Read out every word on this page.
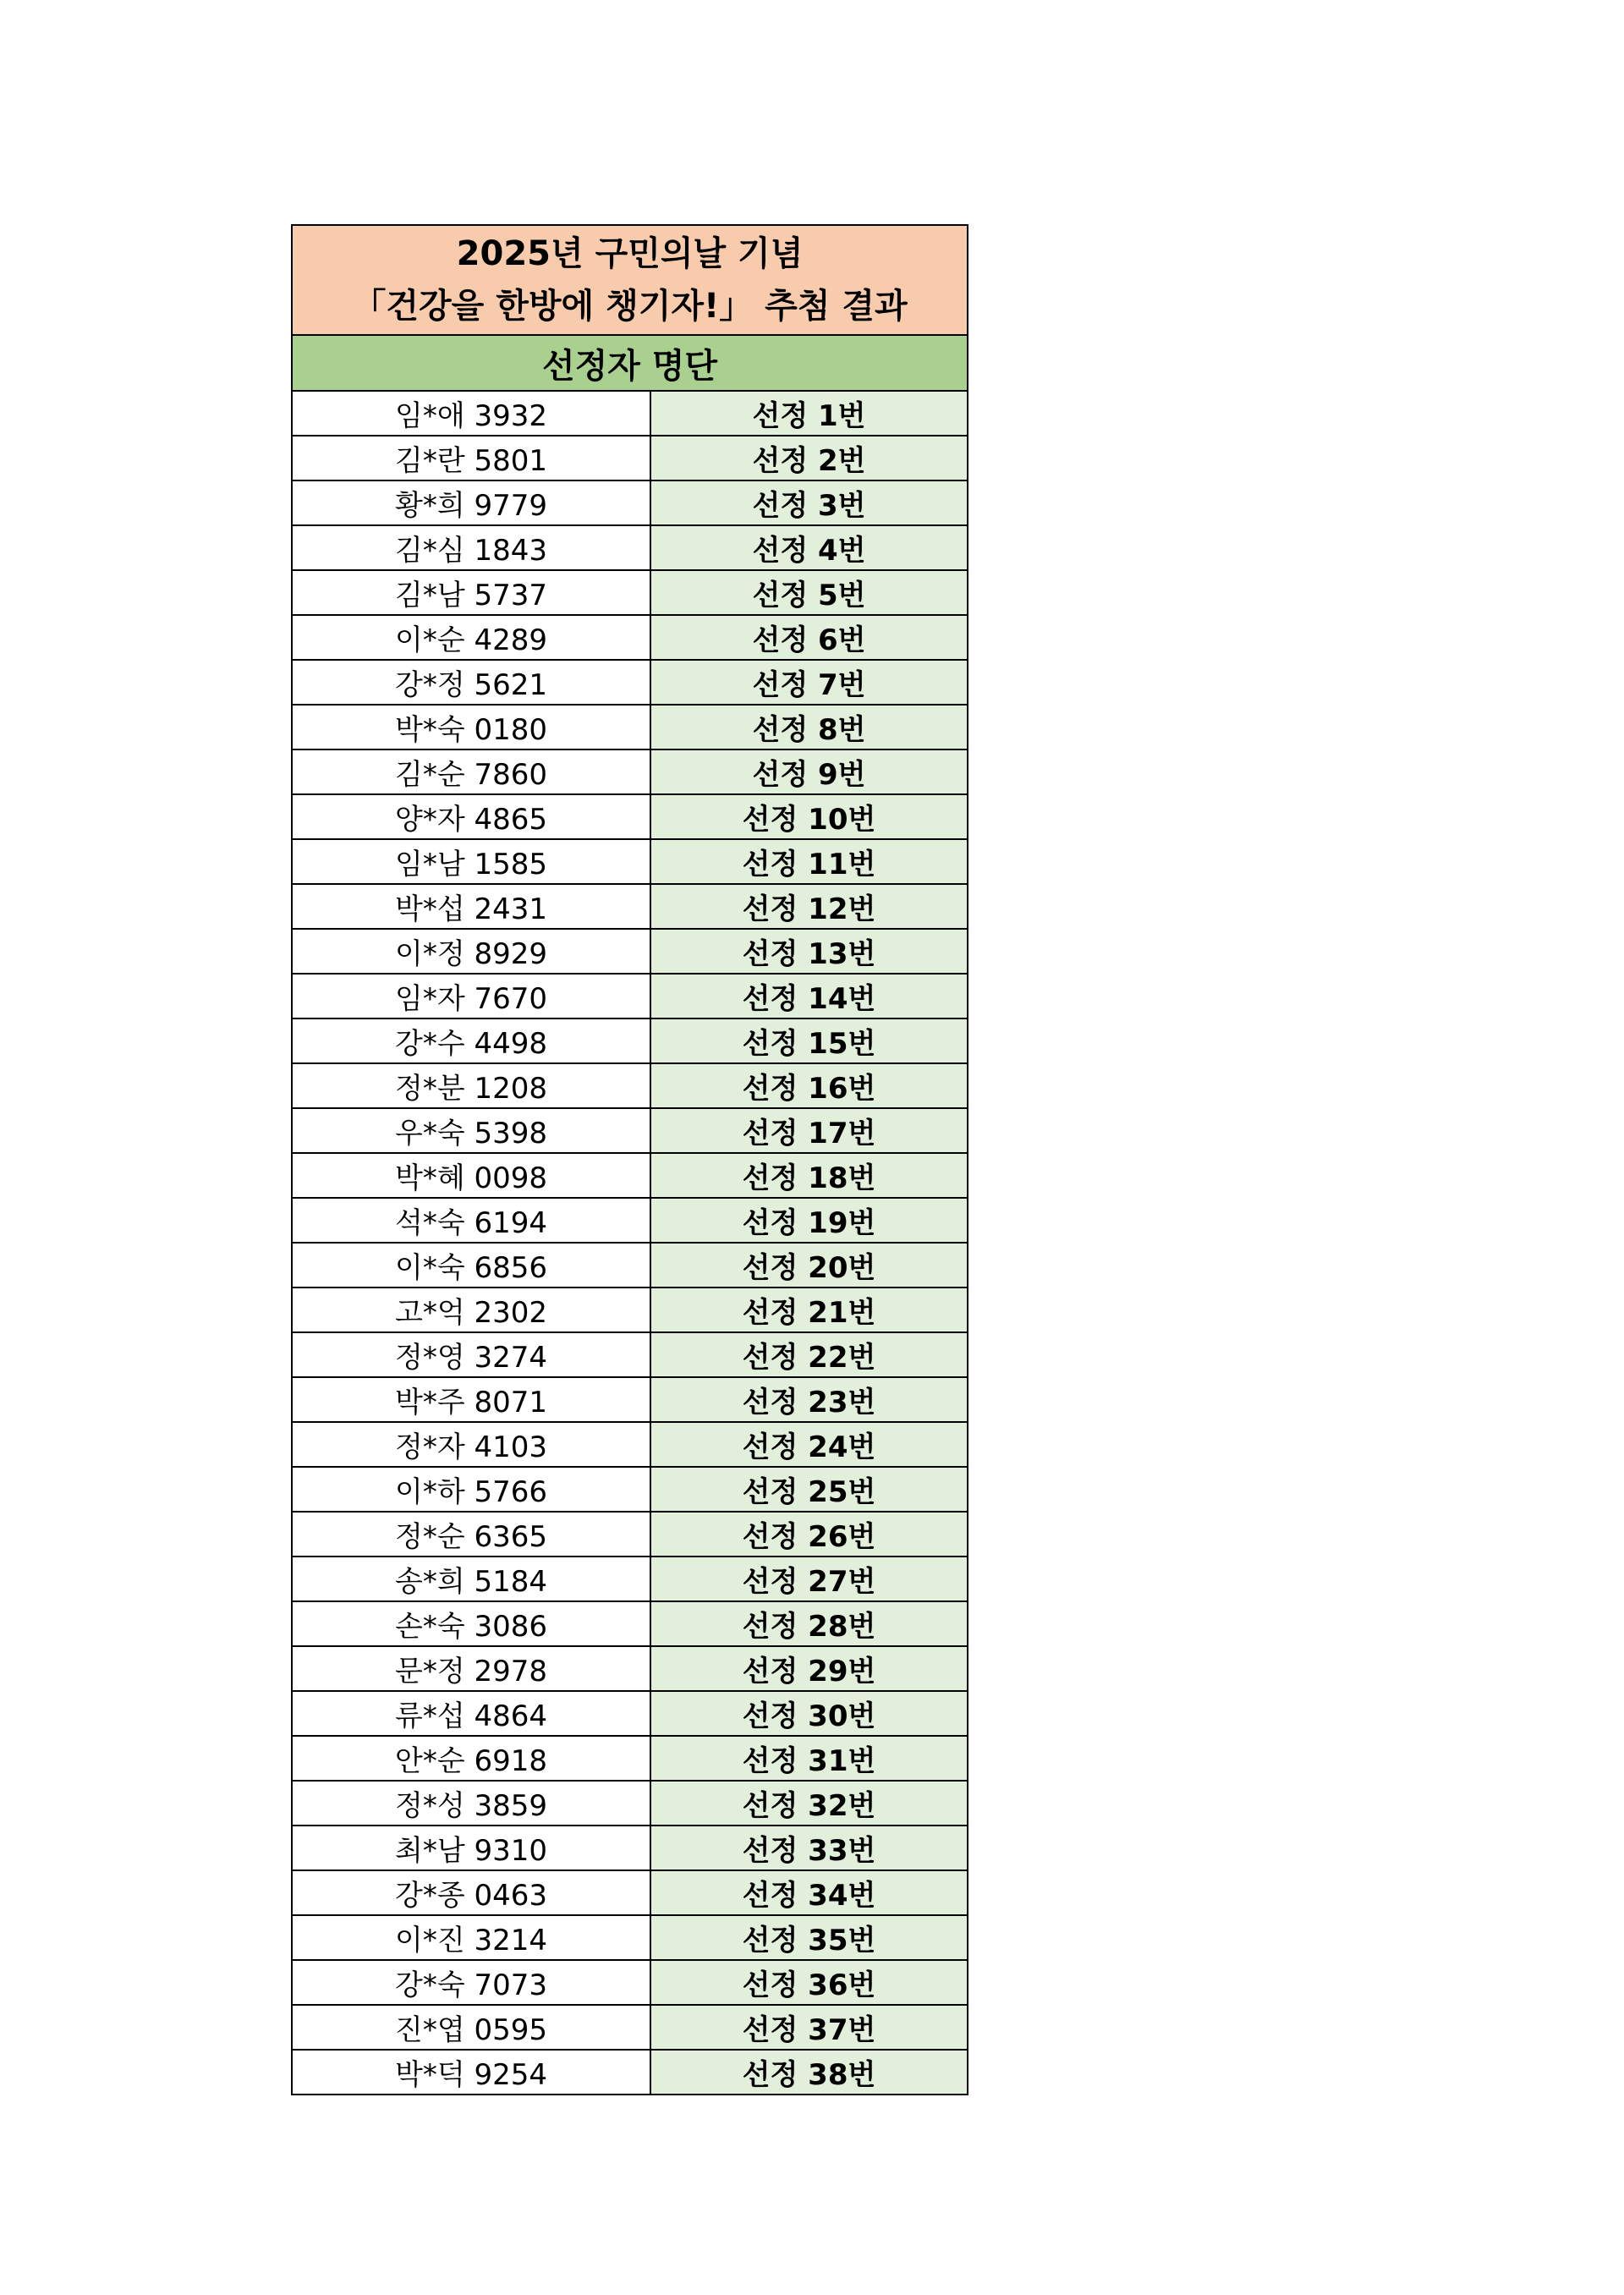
2025년 구민의날 기념
「건강을 한방에 챙기자!」 추첨 결과	

선정자 명단	
임*애 3932	선정 1번
김*란 5801	선정 2번
황*희 9779	선정 3번
김*심 1843	선정 4번
김*남 5737	선정 5번
이*순 4289	선정 6번
강*정 5621	선정 7번
박*숙 0180	선정 8번
김*순 7860	선정 9번
양*자 4865	선정 10번
임*남 1585	선정 11번
박*섭 2431	선정 12번
이*정 8929	선정 13번
임*자 7670	선정 14번
강*수 4498	선정 15번
정*분 1208	선정 16번
우*숙 5398	선정 17번
박*혜 0098	선정 18번
석*숙 6194	선정 19번
이*숙 6856	선정 20번
고*억 2302	선정 21번
정*영 3274	선정 22번
박*주 8071	선정 23번
정*자 4103	선정 24번
이*하 5766	선정 25번
정*순 6365	선정 26번
송*희 5184	선정 27번
손*숙 3086	선정 28번
문*정 2978	선정 29번
류*섭 4864	선정 30번
안*순 6918	선정 31번
정*성 3859	선정 32번
최*남 9310	선정 33번
강*종 0463	선정 34번
이*진 3214	선정 35번
강*숙 7073	선정 36번
진*엽 0595	선정 37번
박*덕 9254	선정 38번
